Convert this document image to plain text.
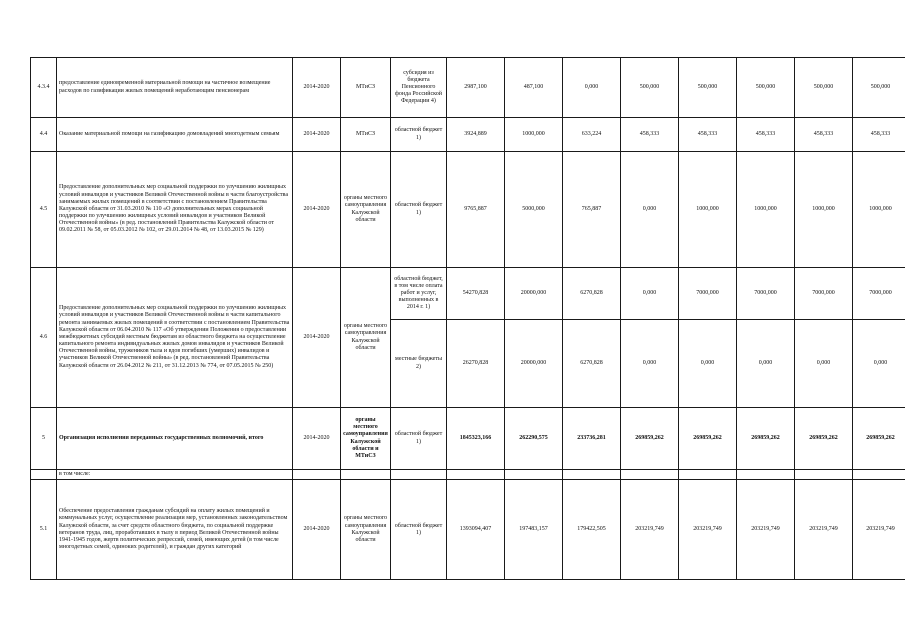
4.3.4	предоставление единовременной материальной помощи на частичное возмещение расходов по газификации жилых помещений неработающим пенсионерам	2014-2020	МТиСЗ	субсидия из бюджета Пенсионного фонда Российской Федерации 4)	2987,100	487,100	0,000	500,000	500,000	500,000	500,000	500,000
4.4	Оказание материальной помощи на газификацию домовладений многодетным семьям	2014-2020	МТиСЗ	областной бюджет 1)	3924,889	1000,000	633,224	458,333	458,333	458,333	458,333	458,333
4.5	Предоставление дополнительных мер социальной поддержки по улучшению жилищных условий инвалидов и участников Великой Отечественной войны в части благоустройства занимаемых жилых помещений в соответствии с постановлением Правительства Калужской области от 31.03.2010 № 110 «О дополнительных мерах социальной поддержки по улучшению жилищных условий инвалидов и участников Великой Отечественной войны» (в ред. постановлений Правительства Калужской области от 09.02.2011 № 58, от 05.03.2012 № 102, от 29.01.2014 № 48, от 13.03.2015 № 129)	2014-2020	органы местного самоуправления Калужской области	областной бюджет 1)	9765,887	5000,000	765,887	0,000	1000,000	1000,000	1000,000	1000,000
4.6	Предоставление дополнительных мер социальной поддержки по улучшению жилищных условий инвалидов и участников Великой Отечественной войны в части капитального ремонта занимаемых жилых помещений в соответствии с постановлением Правительства Калужской области от 06.04.2010 № 117 «Об утверждении Положения о предоставлении межбюджетных субсидий местным бюджетам из областного бюджета на осуществление капитального ремонта индивидуальных жилых домов инвалидов и участников Великой Отечественной войны, тружеников тыла и вдов погибших (умерших) инвалидов и участников Великой Отечественной войны» (в ред. постановлений Правительства Калужской области от 26.04.2012 № 211, от 31.12.2013 № 774, от 07.05.2015 № 250)	2014-2020	органы местного самоуправления Калужской области	областной бюджет, в том числе оплата работ и услуг, выполненных в 2014 г. 1)	54270,828	20000,000	6270,828	0,000	7000,000	7000,000	7000,000	7000,000
				местные бюджеты 2)	26270,828	20000,000	6270,828	0,000	0,000	0,000	0,000	0,000
5	Организация исполнения переданных государственных полномочий, итого	2014-2020	органы местного самоуправления Калужской области и МТиСЗ	областной бюджет 1)	1845323,166	262290,575	233736,281	269859,262	269859,262	269859,262	269859,262	269859,262
	в том числе:											
5.1	Обеспечение предоставления гражданам субсидий на оплату жилых помещений и коммунальных услуг, осуществление реализации мер, установленных законодательством Калужской области, за счет средств областного бюджета, по социальной поддержке ветеранов труда, лиц, проработавших в тылу в период Великой Отечественной войны 1941-1945 годов, жертв политических репрессий, семей, имеющих детей (в том числе многодетных семей, одиноких родителей), и граждан других категорий	2014-2020	органы местного самоуправления Калужской области	областной бюджет 1)	1393094,407	197483,157	179422,505	203219,749	203219,749	203219,749	203219,749	203219,749
